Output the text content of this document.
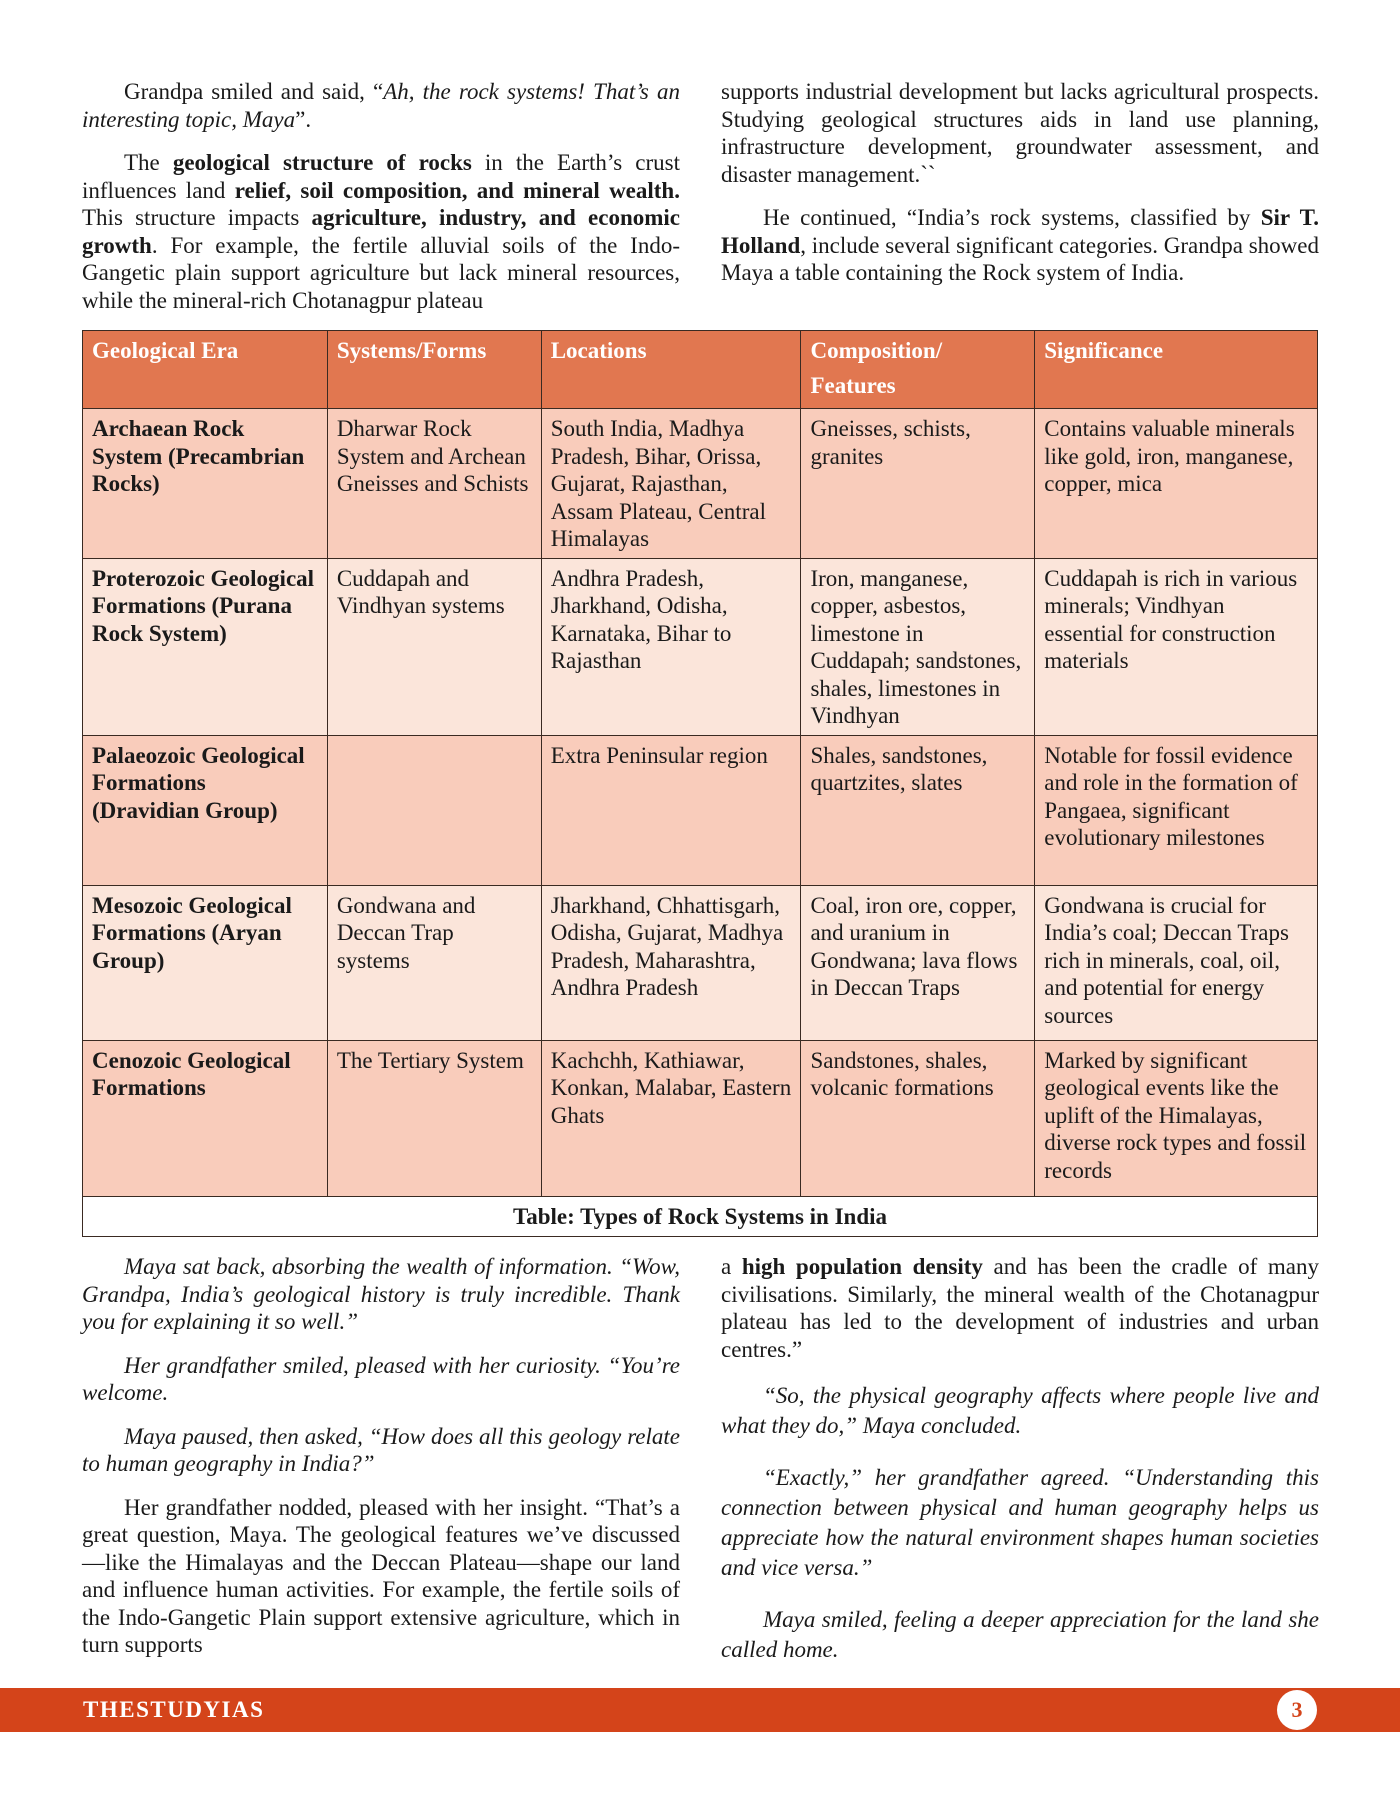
Grandpa smiled and said, “Ah, the rock systems! That’s an interesting topic, Maya”.

The geological structure of rocks in the Earth’s crust influences land relief, soil composition, and mineral wealth. This structure impacts agriculture, industry, and economic growth. For example, the fertile alluvial soils of the Indo-Gangetic plain support agriculture but lack mineral resources, while the mineral-rich Chotanagpur plateau

supports industrial development but lacks agricultural prospects. Studying geological structures aids in land use planning, infrastructure development, groundwater assessment, and disaster management.``

He continued, “India’s rock systems, classified by Sir T. Holland, include several significant categories. Grandpa showed Maya a table containing the Rock system of India.

Geological Era	Systems/Forms	Locations	Composition/ Features	Significance
Archaean Rock System (Precambrian Rocks)	Dharwar Rock System and Archean Gneisses and Schists	South India, Madhya Pradesh, Bihar, Orissa, Gujarat, Rajasthan, Assam Plateau, Central Himalayas	Gneisses, schists, granites	Contains valuable minerals like gold, iron, manganese, copper, mica
Proterozoic Geological Formations (Purana Rock System)	Cuddapah and Vindhyan systems	Andhra Pradesh, Jharkhand, Odisha, Karnataka, Bihar to Rajasthan	Iron, manganese, copper, asbestos, limestone in Cuddapah; sandstones, shales, limestones in Vindhyan	Cuddapah is rich in various minerals; Vindhyan essential for construction materials
Palaeozoic Geological Formations (Dravidian Group)		Extra Peninsular region	Shales, sandstones, quartzites, slates	Notable for fossil evidence and role in the formation of Pangaea, significant evolutionary milestones
Mesozoic Geological Formations (Aryan Group)	Gondwana and Deccan Trap systems	Jharkhand, Chhattisgarh, Odisha, Gujarat, Madhya Pradesh, Maharashtra, Andhra Pradesh	Coal, iron ore, copper, and uranium in Gondwana; lava flows in Deccan Traps	Gondwana is crucial for India’s coal; Deccan Traps rich in minerals, coal, oil, and potential for energy sources
Cenozoic Geological Formations	The Tertiary System	Kachchh, Kathiawar, Konkan, Malabar, Eastern Ghats	Sandstones, shales, volcanic formations	Marked by significant geological events like the uplift of the Himalayas, diverse rock types and fossil records
Table: Types of Rock Systems in India				

Maya sat back, absorbing the wealth of information. “Wow, Grandpa, India’s geological history is truly incredible. Thank you for explaining it so well.”

Her grandfather smiled, pleased with her curiosity. “You’re welcome.

Maya paused, then asked, “How does all this geology relate to human geography in India?”

Her grandfather nodded, pleased with her insight. “That’s a great question, Maya. The geological features we’ve discussed—like the Himalayas and the Deccan Plateau—shape our land and influence human activities. For example, the fertile soils of the Indo-Gangetic Plain support extensive agriculture, which in turn supports

a high population density and has been the cradle of many civilisations. Similarly, the mineral wealth of the Chotanagpur plateau has led to the development of industries and urban centres.”

“So, the physical geography affects where people live and what they do,” Maya concluded.

“Exactly,” her grandfather agreed. “Understanding this connection between physical and human geography helps us appreciate how the natural environment shapes human societies and vice versa.”

Maya smiled, feeling a deeper appreciation for the land she called home.

THESTUDYIAS	3
